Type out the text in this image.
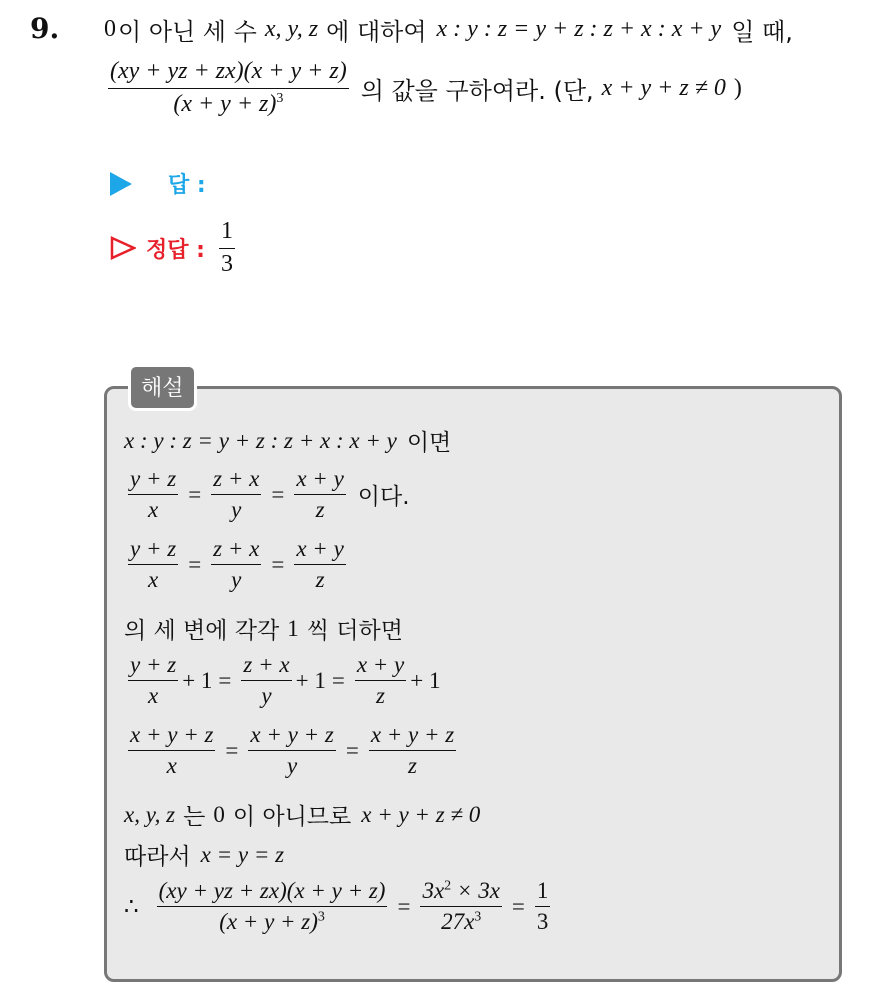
9. 0 이 아닌 세 수 x, y, z 에 대하여 x : y : z = y + z : z + x : x + y 일 때,
$\frac{(xy + yz + zx)(x + y + z)}{(x + y + z)^3}$ 의 값을 구하여라. (단, x + y + z ≠ 0 )
답 :
정답 : $\frac{1}{3}$
해설
x : y : z = y + z : z + x : x + y 이면
$\frac{y + z}{x} = \frac{z + x}{y} = \frac{x + y}{z}$ 이다.
$\frac{y + z}{x} = \frac{z + x}{y} = \frac{x + y}{z}$
의 세 변에 각각 1 씩 더하면
$\frac{y + z}{x} + 1 = \frac{z + x}{y} + 1 = \frac{x + y}{z} + 1$
$\frac{x + y + z}{x} = \frac{x + y + z}{y} = \frac{x + y + z}{z}$
x, y, z 는 0 이 아니므로 x + y + z ≠ 0
따라서 x = y = z
∴ $\frac{(xy + yz + zx)(x + y + z)}{(x + y + z)^3} = \frac{3x^2 \times 3x}{27x^3} = \frac{1}{3}$
